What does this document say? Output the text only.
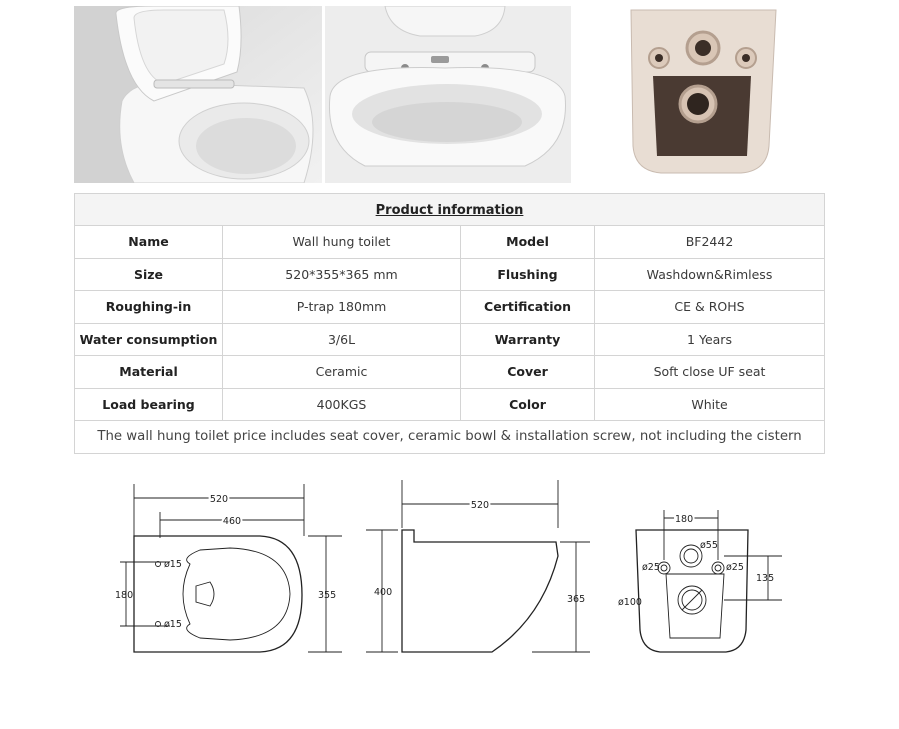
Product information			
Name	Wall hung toilet	Model	BF2442
Size	520*355*365 mm	Flushing	Washdown&Rimless
Roughing-in	P-trap 180mm	Certification	CE & ROHS
Water consumption	3/6L	Warranty	1 Years
Material	Ceramic	Cover	Soft close UF seat
Load bearing	400KGS	Color	White
The wall hung toilet price includes seat cover, ceramic bowl & installation screw, not including the cistern			
520
460
180	355
ø15
ø15
520
400
365
180
ø55
ø25	ø25
135
ø100
